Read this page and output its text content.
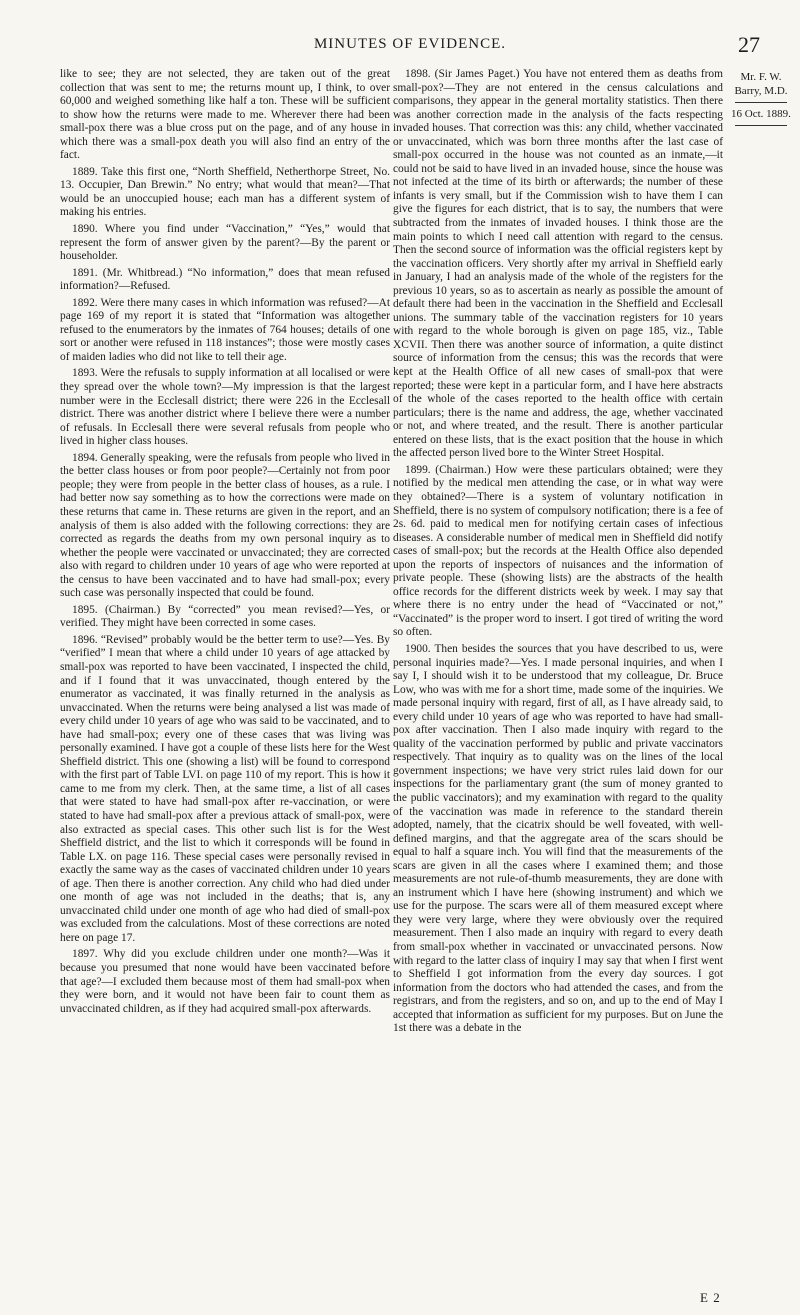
MINUTES OF EVIDENCE.	27

like to see; they are not selected, they are taken out of the great collection that was sent to me; the returns mount up, I think, to over 60,000 and weighed something like half a ton. These will be sufficient to show how the returns were made to me. Wherever there had been small-pox there was a blue cross put on the page, and of any house in which there was a small-pox death you will also find an entry of the fact.

1889. Take this first one, “North Sheffield, Netherthorpe Street, No. 13. Occupier, Dan Brewin.” No entry; what would that mean?—That would be an unoccupied house; each man has a different system of making his entries.

1890. Where you find under “Vaccination,” “Yes,” would that represent the form of answer given by the parent?—By the parent or householder.

1891. (Mr. Whitbread.) “No information,” does that mean refused information?—Refused.

1892. Were there many cases in which information was refused?—At page 169 of my report it is stated that “Information was altogether refused to the enumerators by the inmates of 764 houses; details of one sort or another were refused in 118 instances”; those were mostly cases of maiden ladies who did not like to tell their age.

1893. Were the refusals to supply information at all localised or were they spread over the whole town?—My impression is that the largest number were in the Ecclesall district; there were 226 in the Ecclesall district. There was another district where I believe there were a number of refusals. In Ecclesall there were several refusals from people who lived in higher class houses.

1894. Generally speaking, were the refusals from people who lived in the better class houses or from poor people?—Certainly not from poor people; they were from people in the better class of houses, as a rule. I had better now say something as to how the corrections were made on these returns that came in. These returns are given in the report, and an analysis of them is also added with the following corrections: they are corrected as regards the deaths from my own personal inquiry as to whether the people were vaccinated or unvaccinated; they are corrected also with regard to children under 10 years of age who were reported at the census to have been vaccinated and to have had small-pox; every such case was personally inspected that could be found.

1895. (Chairman.) By “corrected” you mean revised?—Yes, or verified. They might have been corrected in some cases.

1896. “Revised” probably would be the better term to use?—Yes. By “verified” I mean that where a child under 10 years of age attacked by small-pox was reported to have been vaccinated, I inspected the child, and if I found that it was unvaccinated, though entered by the enumerator as vaccinated, it was finally returned in the analysis as unvaccinated. When the returns were being analysed a list was made of every child under 10 years of age who was said to be vaccinated, and to have had small-pox; every one of these cases that was living was personally examined. I have got a couple of these lists here for the West Sheffield district. This one (showing a list) will be found to correspond with the first part of Table LVI. on page 110 of my report. This is how it came to me from my clerk. Then, at the same time, a list of all cases that were stated to have had small-pox after re-vaccination, or were stated to have had small-pox after a previous attack of small-pox, were also extracted as special cases. This other such list is for the West Sheffield district, and the list to which it corresponds will be found in Table LX. on page 116. These special cases were personally revised in exactly the same way as the cases of vaccinated children under 10 years of age. Then there is another correction. Any child who had died under one month of age was not included in the deaths; that is, any unvaccinated child under one month of age who had died of small-pox was excluded from the calculations. Most of these corrections are noted here on page 17.

1897. Why did you exclude children under one month?—Was it because you presumed that none would have been vaccinated before that age?—I excluded them because most of them had small-pox when they were born, and it would not have been fair to count them as unvaccinated children, as if they had acquired small-pox afterwards.

1898. (Sir James Paget.) You have not entered them as deaths from small-pox?—They are not entered in the census calculations and comparisons, they appear in the general mortality statistics. Then there was another correction made in the analysis of the facts respecting invaded houses. That correction was this: any child, whether vaccinated or unvaccinated, which was born three months after the last case of small-pox occurred in the house was not counted as an inmate,—it could not be said to have lived in an invaded house, since the house was not infected at the time of its birth or afterwards; the number of these infants is very small, but if the Commission wish to have them I can give the figures for each district, that is to say, the numbers that were subtracted from the inmates of invaded houses. I think those are the main points to which I need call attention with regard to the census. Then the second source of information was the official registers kept by the vaccination officers. Very shortly after my arrival in Sheffield early in January, I had an analysis made of the whole of the registers for the previous 10 years, so as to ascertain as nearly as possible the amount of default there had been in the vaccination in the Sheffield and Ecclesall unions. The summary table of the vaccination registers for 10 years with regard to the whole borough is given on page 185, viz., Table XCVII. Then there was another source of information, a quite distinct source of information from the census; this was the records that were kept at the Health Office of all new cases of small-pox that were reported; these were kept in a particular form, and I have here abstracts of the whole of the cases reported to the health office with certain particulars; there is the name and address, the age, whether vaccinated or not, and where treated, and the result. There is another particular entered on these lists, that is the exact position that the house in which the affected person lived bore to the Winter Street Hospital.

1899. (Chairman.) How were these particulars obtained; were they notified by the medical men attending the case, or in what way were they obtained?—There is a system of voluntary notification in Sheffield, there is no system of compulsory notification; there is a fee of 2s. 6d. paid to medical men for notifying certain cases of infectious diseases. A considerable number of medical men in Sheffield did notify cases of small-pox; but the records at the Health Office also depended upon the reports of inspectors of nuisances and the information of private people. These (showing lists) are the abstracts of the health office records for the different districts week by week. I may say that where there is no entry under the head of “Vaccinated or not,” “Vaccinated” is the proper word to insert. I got tired of writing the word so often.

1900. Then besides the sources that you have described to us, were personal inquiries made?—Yes. I made personal inquiries, and when I say I, I should wish it to be understood that my colleague, Dr. Bruce Low, who was with me for a short time, made some of the inquiries. We made personal inquiry with regard, first of all, as I have already said, to every child under 10 years of age who was reported to have had small-pox after vaccination. Then I also made inquiry with regard to the quality of the vaccination performed by public and private vaccinators respectively. That inquiry as to quality was on the lines of the local government inspections; we have very strict rules laid down for our inspections for the parliamentary grant (the sum of money granted to the public vaccinators); and my examination with regard to the quality of the vaccination was made in reference to the standard therein adopted, namely, that the cicatrix should be well foveated, with well-defined margins, and that the aggregate area of the scars should be equal to half a square inch. You will find that the measurements of the scars are given in all the cases where I examined them; and those measurements are not rule-of-thumb measurements, they are done with an instrument which I have here (showing instrument) and which we use for the purpose. The scars were all of them measured except where they were very large, where they were obviously over the required measurement. Then I also made an inquiry with regard to every death from small-pox whether in vaccinated or unvaccinated persons. Now with regard to the latter class of inquiry I may say that when I first went to Sheffield I got information from the every day sources. I got information from the doctors who had attended the cases, and from the registrars, and from the registers, and so on, and up to the end of May I accepted that information as sufficient for my purposes. But on June the 1st there was a debate in the

Mr. F. W. Barry, M.D.
16 Oct. 1889.
E 2
